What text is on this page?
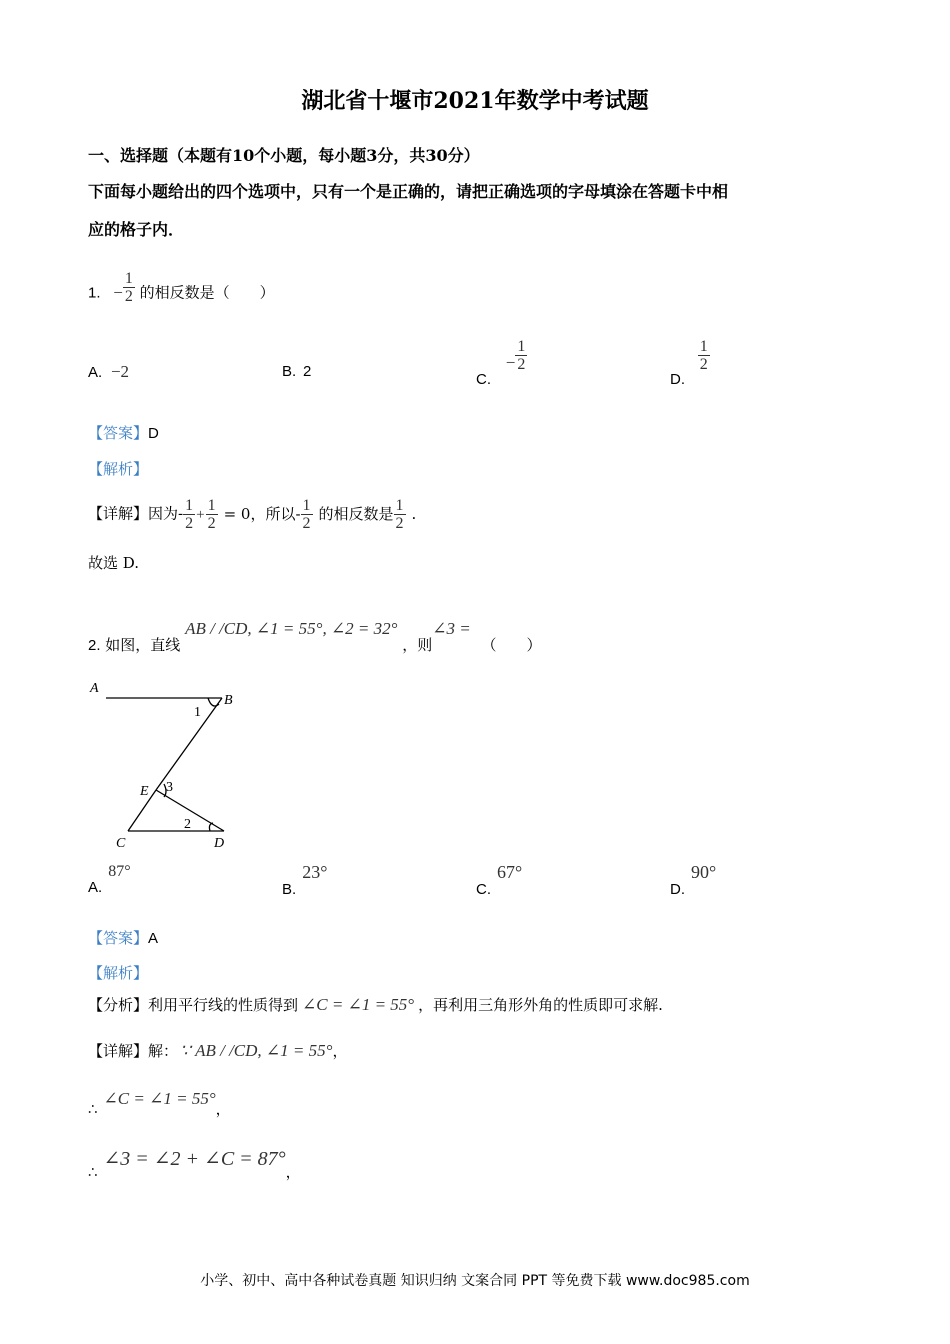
湖北省十堰市2021年数学中考试题
一、选择题（本题有10个小题，每小题3分，共30分）
下面每小题给出的四个选项中，只有一个是正确的，请把正确选项的字母填涂在答题卡中相
应的格子内．
1. − $\frac{1}{2}$ 的相反数是（　　）
A. −2	B. 2	C. − $\frac{1}{2}$
D.
$\frac{1}{2}$
【答案】D
【解析】
【详解】因为- $\frac{1}{2} + \frac{1}{2} = 0$，所以- $\frac{1}{2}$ 的相反数是 $\frac{1}{2}$ .
故选 D.
2. 如图，直线 AB / /CD, ∠1 = 55°, ∠2 = 32° ，则∠3 = （　　）
A
B
E
C	D
1
3
2
A.87°
B.23°
C.67°
D.90°
【答案】A
【解析】
【分析】利用平行线的性质得到 ∠C = ∠1 = 55° ，再利用三角形外角的性质即可求解.
【详解】解： ∵ AB / /CD, ∠1 = 55°，
∴∠C = ∠1 = 55°，
∴∠3 = ∠2 + ∠C = 87°，
小学、初中、高中各种试卷真题 知识归纳 文案合同 PPT 等免费下载 www.doc985.com
